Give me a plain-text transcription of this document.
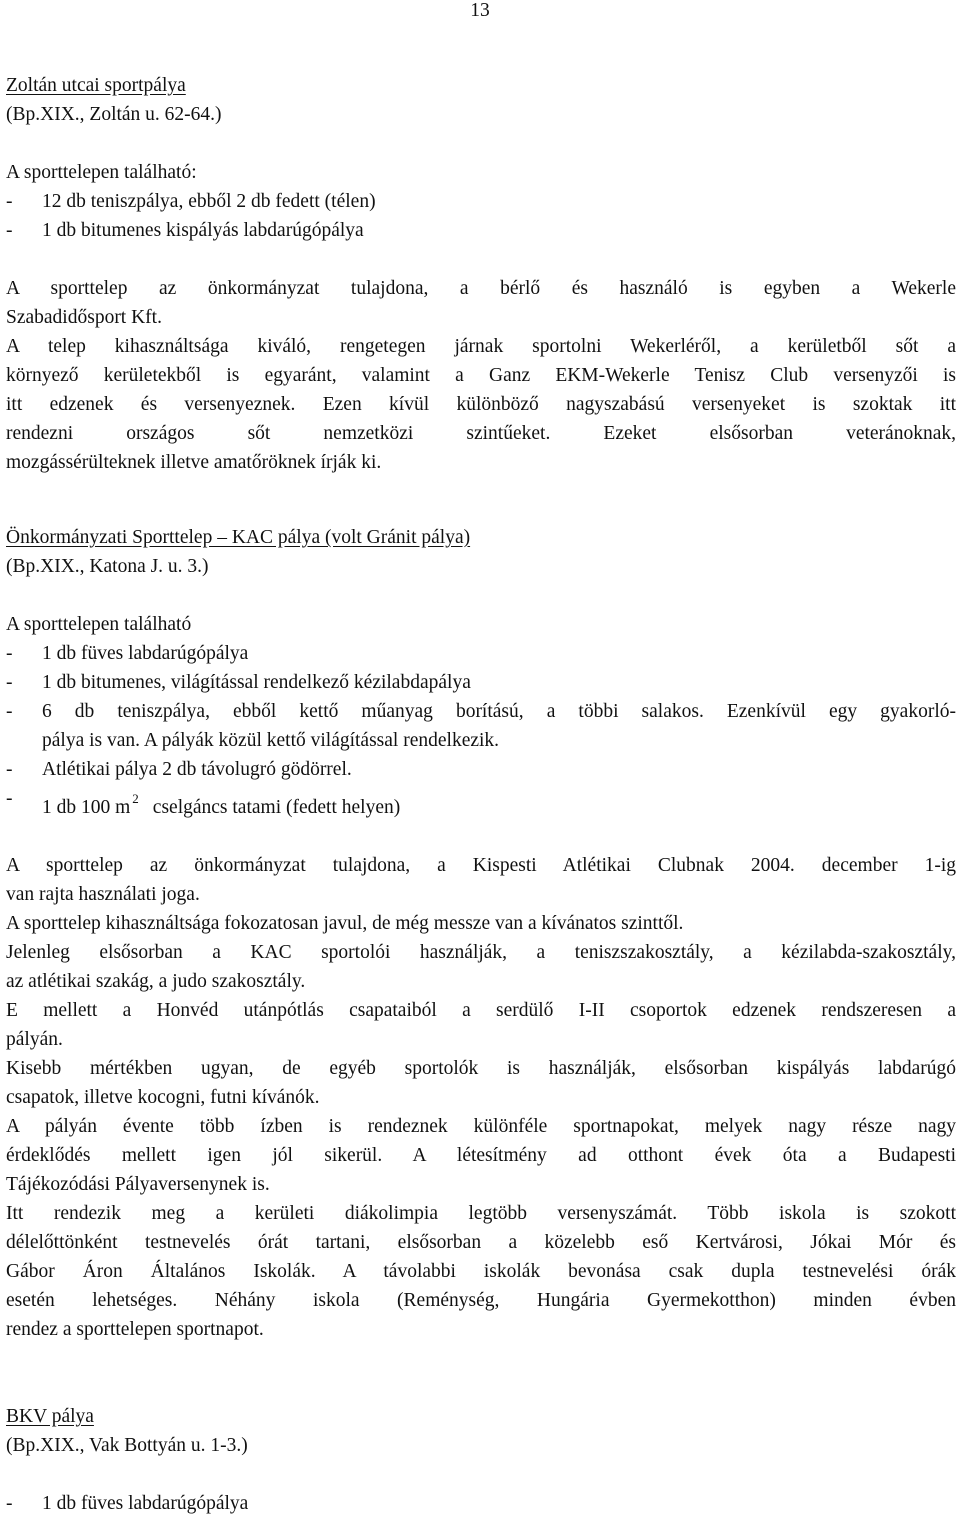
13
Zoltán utcai sportpálya
(Bp.XIX., Zoltán u. 62-64.)
A sporttelepen található:
- 12 db teniszpálya, ebből 2 db fedett (télen)
- 1 db bitumenes kispályás labdarúgópálya
A sporttelep az önkormányzat tulajdona, a bérlő és használó is egyben a Wekerle
Szabadidősport Kft.
A telep kihasználtsága kiváló, rengetegen járnak sportolni Wekerléről, a kerületből sőt a
környező kerületekből is egyaránt, valamint a Ganz EKM-Wekerle Tenisz Club versenyzői is
itt edzenek és versenyeznek. Ezen kívül különböző nagyszabású versenyeket is szoktak itt
rendezni országos sőt nemzetközi szintűeket. Ezeket elsősorban veteránoknak,
mozgássérülteknek illetve amatőröknek írják ki.
Önkormányzati Sporttelep – KAC pálya (volt Gránit pálya)
(Bp.XIX., Katona J. u. 3.)
A sporttelepen található
- 1 db füves labdarúgópálya
- 1 db bitumenes, világítással rendelkező kézilabdapálya
- 6 db teniszpálya, ebből kettő műanyag borítású, a többi salakos. Ezenkívül egy gyakorló-
pálya is van. A pályák közül kettő világítással rendelkezik.
- Atlétikai pálya 2 db távolugró gödörrel.
- 1 db 100 m $^2$ cselgáncs tatami (fedett helyen)
A sporttelep az önkormányzat tulajdona, a Kispesti Atlétikai Clubnak 2004. december 1-ig
van rajta használati joga.
A sporttelep kihasználtsága fokozatosan javul, de még messze van a kívánatos szinttől.
Jelenleg elsősorban a KAC sportolói használják, a teniszszakosztály, a kézilabda-szakosztály,
az atlétikai szakág, a judo szakosztály.
E mellett a Honvéd utánpótlás csapataiból a serdülő I-II csoportok edzenek rendszeresen a
pályán.
Kisebb mértékben ugyan, de egyéb sportolók is használják, elsősorban kispályás labdarúgó
csapatok, illetve kocogni, futni kívánók.
A pályán évente több ízben is rendeznek különféle sportnapokat, melyek nagy része nagy
érdeklődés mellett igen jól sikerül. A létesítmény ad otthont évek óta a Budapesti
Tájékozódási Pályaversenynek is.
Itt rendezik meg a kerületi diákolimpia legtöbb versenyszámát. Több iskola is szokott
délelőttönként testnevelés órát tartani, elsősorban a közelebb eső Kertvárosi, Jókai Mór és
Gábor Áron Általános Iskolák. A távolabbi iskolák bevonása csak dupla testnevelési órák
esetén lehetséges. Néhány iskola (Reménység, Hungária Gyermekotthon) minden évben
rendez a sporttelepen sportnapot.
BKV pálya
(Bp.XIX., Vak Bottyán u. 1-3.)
- 1 db füves labdarúgópálya
